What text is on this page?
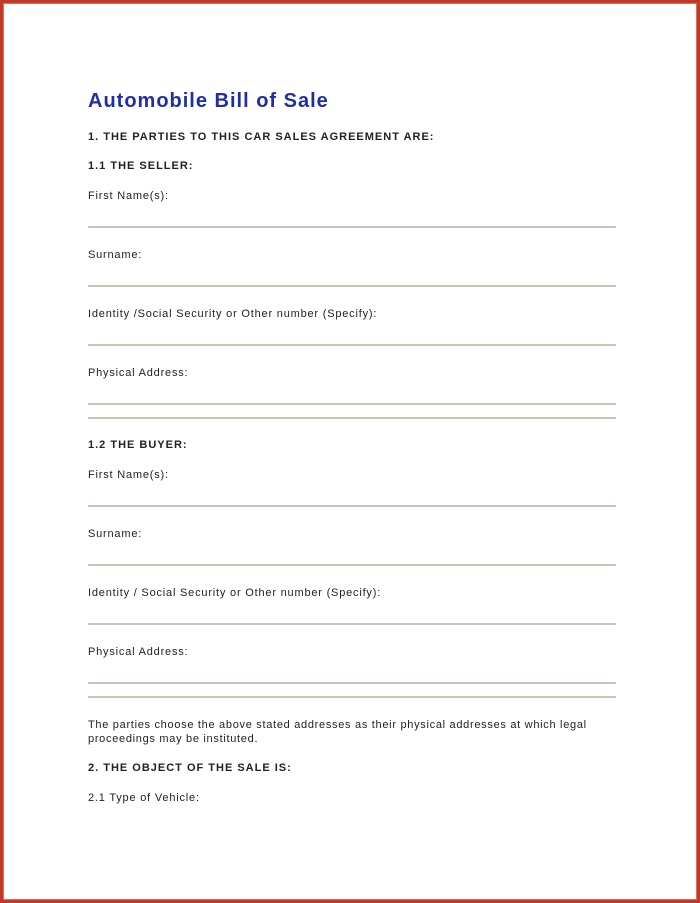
Automobile Bill of Sale
1. THE PARTIES TO THIS CAR SALES AGREEMENT ARE:
1.1 THE SELLER:
First Name(s):
Surname:
Identity /Social Security or Other number (Specify):
Physical Address:
1.2 THE BUYER:
First Name(s):
Surname:
Identity / Social Security or Other number (Specify):
Physical Address:
The parties choose the above stated addresses as their physical addresses at which legal proceedings may be instituted.
2. THE OBJECT OF THE SALE IS:
2.1 Type of Vehicle:
